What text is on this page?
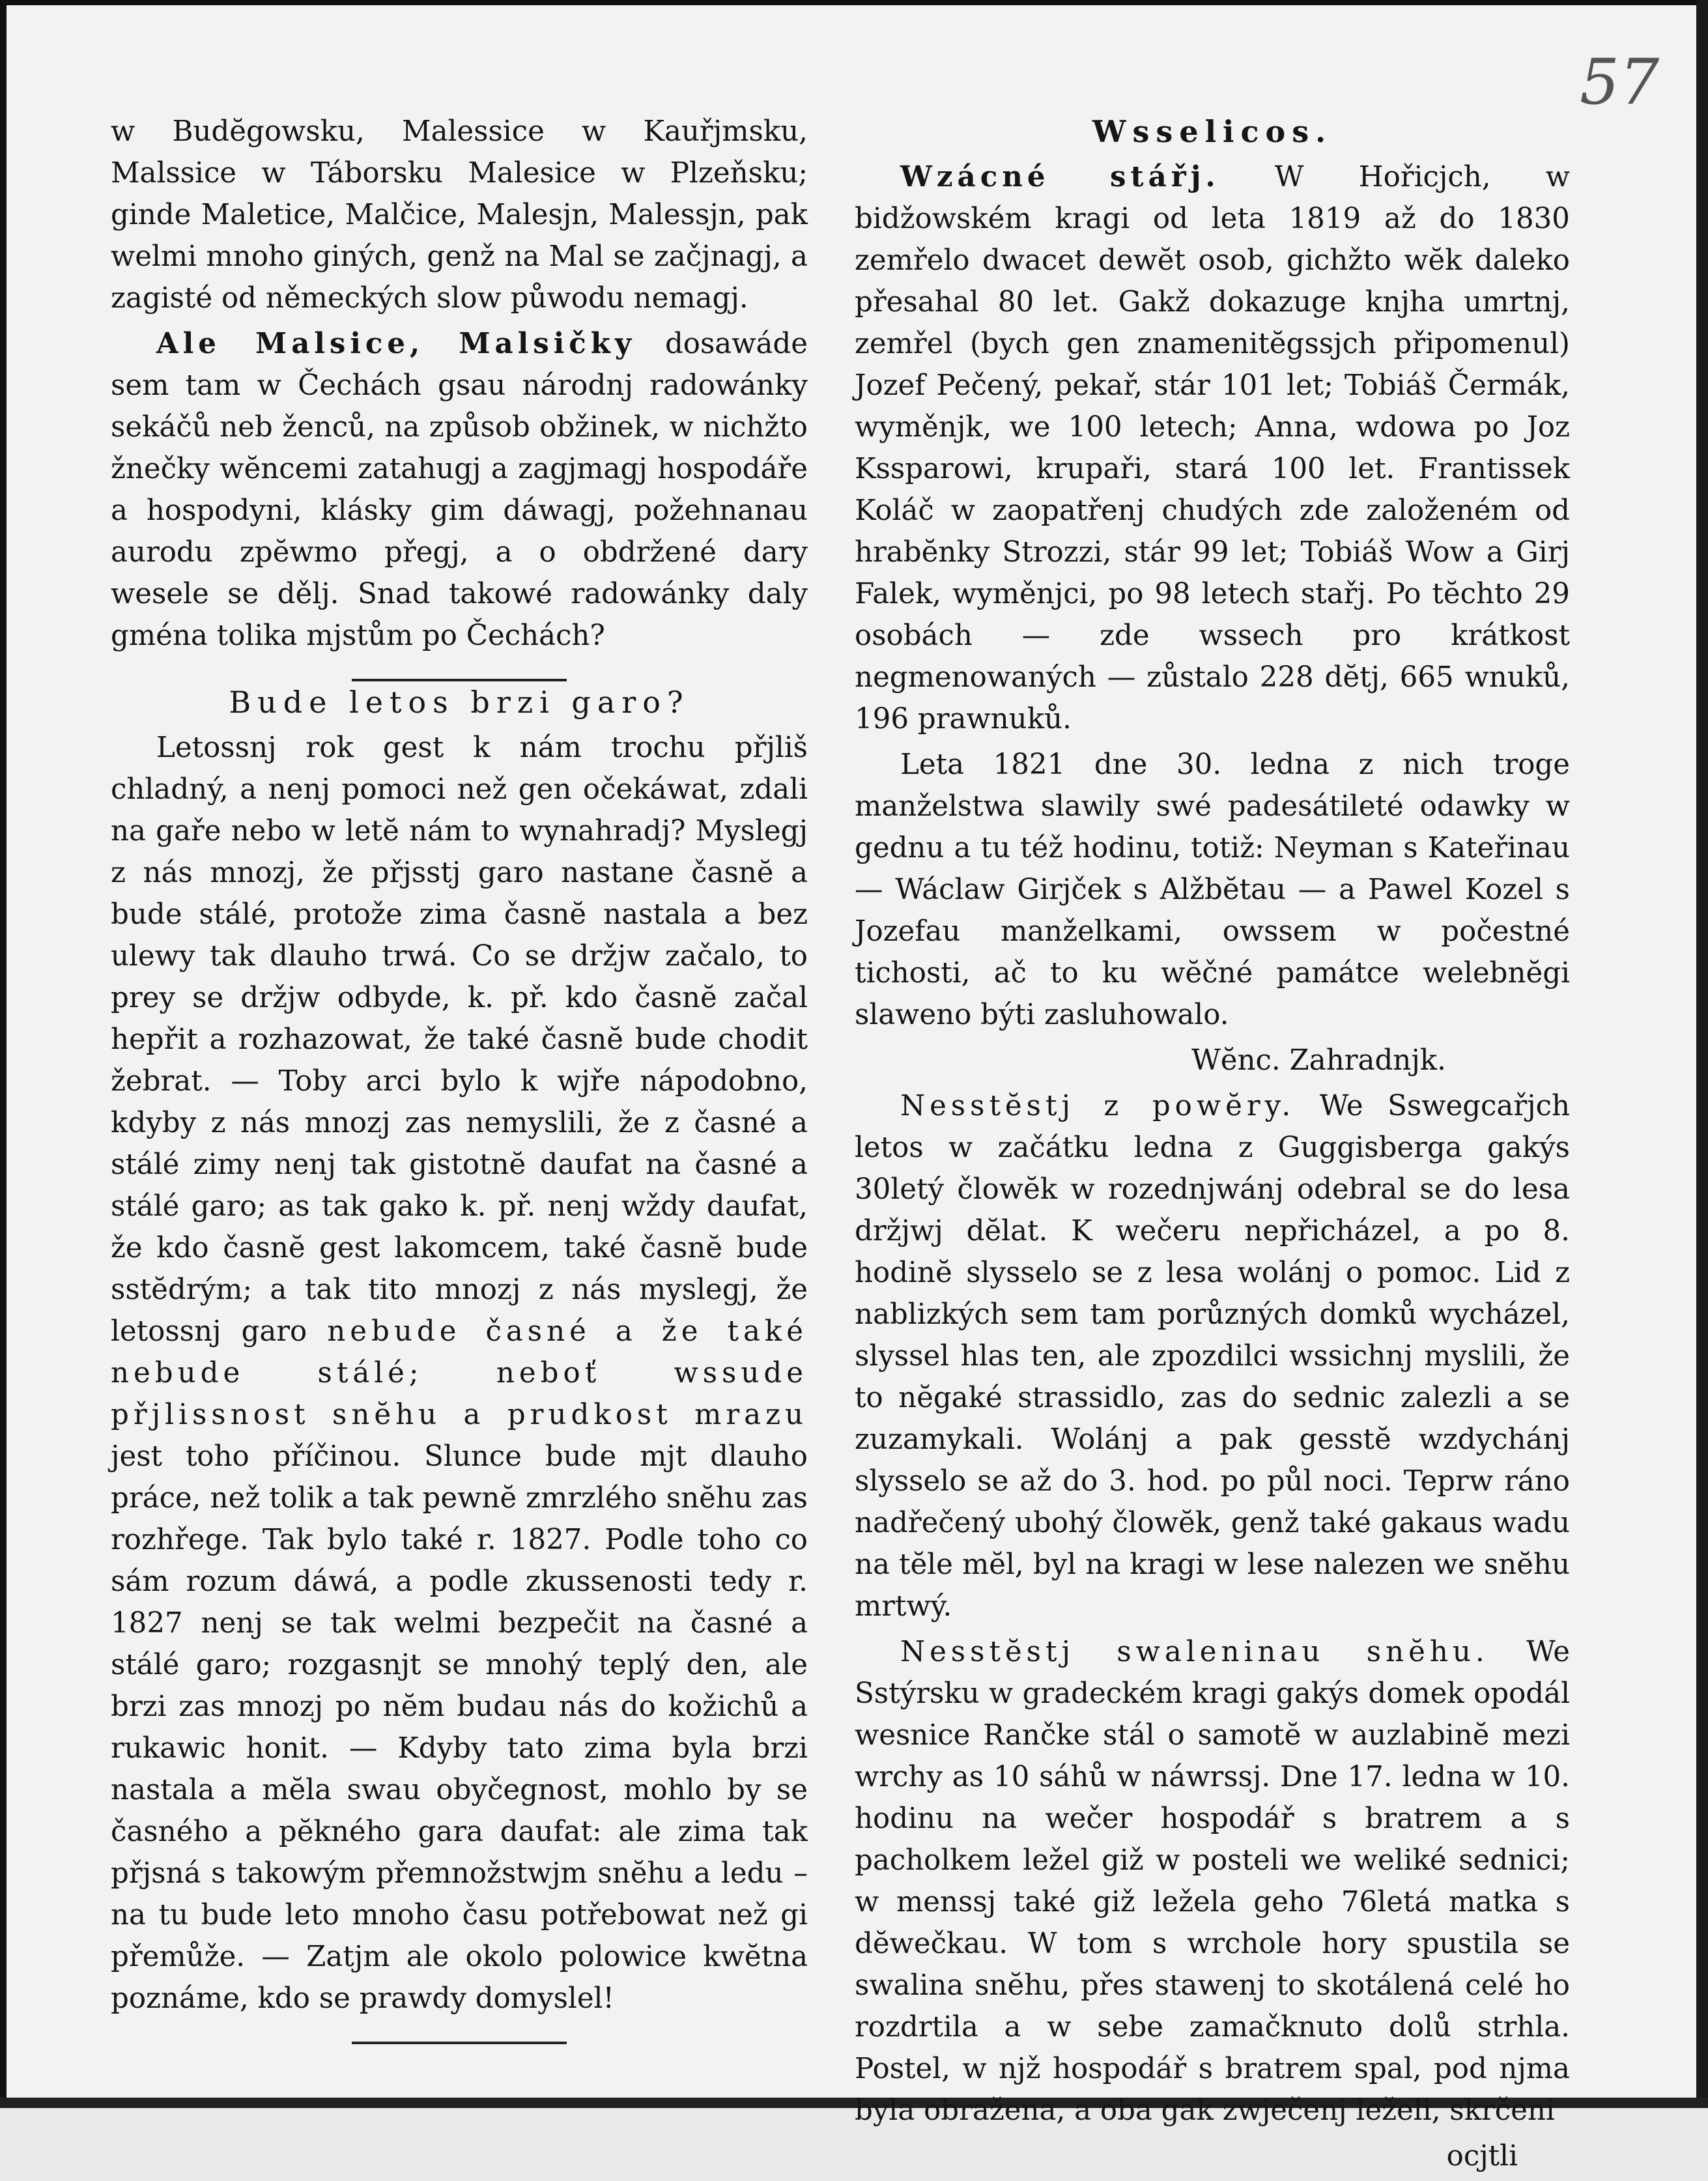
57

w Budĕgowsku, Malessice w Kauřjmsku, Malssice w Táborsku Malesice w Plzeňsku; ginde Maletice, Malčice, Malesjn, Malessjn, pak welmi mnoho giných, genž na Mal se začjnagj, a zagisté od německých slow půwodu nemagj.

Ale Malsice, Malsičky dosawáde sem tam w Čechách gsau nárοdnj radowánky sekáčů neb ženců, na způsob obžinek, w nichžto žnečky wĕncemi zatahugj a zagjmagj hospodáře a hospodyni, klásky gim dáwagj, požehnanau aurodu zpĕwmo přegj, a o obdržené dary wesele se dělj. Snad takowé radowánky daly gména tolika mjstům po Čechách?

Bude letos brzi garo?

Letossnj rok gest k nám trochu přjliš chladný, a nenj pomoci než gen očekáwat, zdali na gaře nebo w letĕ nám to wynahradj? Myslegj z nás mnozj, že přjsstj garo nastane časnĕ a bude stálé, protože zima časnĕ nastala a bez ulewy tak dlauho trwá. Co se držjw začalo, to prey se držjw odbyde, k. př. kdo časnĕ začal hepřit a rozhazowat, že také časnĕ bude chodit žebrat. — Toby arci bylo k wjře nápodobno, kdyby z nás mnozj zas nemyslili, že z časné a stálé zimy nenj tak gistotnĕ daufat na časné a stálé garo; as tak gako k. př. nenj wždy daufat, že kdo časnĕ gest lakomcem, také časnĕ bude sstĕdrým; a tak tito mnozj z nás myslegj, že letossnj garo nebude časné a že také nebude stálé; neboť wssude přjlissnost snĕhu a prudkost mrazu jest toho příčinou. Slunce bude mjt dlauho práce, než tolik a tak pewnĕ zmrzlého snĕhu zas rozhřege. Tak bylo také r. 1827. Podle toho co sám rozum dáwá, a podle zkussenosti tedy r. 1827 nenj se tak welmi bezpečit na časné a stálé garo; rozgasnjt se mnohý teplý den, ale brzi zas mnozj po nĕm budau nás do kožichů a rukawic honit. — Kdyby tato zima byla brzi nastala a mĕla swau obyčegnost, mohlo by se časného a pĕkného gara daufat: ale zima tak přjsná s takowým přemnožstwjm snĕhu a ledu – na tu bude leto mnoho času potřebowat než gi přemůže. — Zatjm ale okolo polowice kwĕtna poznáme, kdo se prawdy domyslel!

Wsselicos.

Wzácné stářj. W Hořicjch, w bidžowském kragi od leta 1819 až do 1830 zemřelo dwacet dewĕt osob, gichžto wĕk daleko přesahal 80 let. Gakž dokazuge knjha umrtnj, zemřel (bych gen znamenitĕgssjch připomenul) Jozef Pečený, pekař, stár 101 let; Tobiáš Čermák, wyměnjk, we 100 letech; Anna, wdowa po Joz Kssparowi, krupaři, stará 100 let. Frantissek Koláč w zaopatřenj chudých zde založeném od hrabĕnky Strozzi, stár 99 let; Tobiáš Wow a Girj Falek, wyměnjci, po 98 letech stařj. Po tĕchto 29 osobách — zde wssech pro krátkost negmenowaných — zůstalo 228 dĕtj, 665 wnuků, 196 prawnuků.

Leta 1821 dne 30. ledna z nich troge manželstwa slawily swé padesátileté odawky w gednu a tu též hodinu, totiž: Neyman s Kateřinau — Wáclaw Girjček s Alžbĕtau — a Pawel Kozel s Jozefau manželkami, owssem w počestné tichosti, ač to ku wĕčné památce welebnĕgi slaweno býti zasluhowalo.

Wĕnc. Zahradnjk.

Nesstĕstj z powĕry. We Sswegcařjch letos w začátku ledna z Guggisberga gakýs 30letý člowĕk w rozednjwánj odebral se do lesa držjwj dĕlat. K wečeru nepřicházel, a po 8. hodinĕ slysselo se z lesa wolánj o pomoc. Lid z nablizkých sem tam porůzných domků wycházel, slyssel hlas ten, ale zpozdilci wssichnj myslili, že to nĕgaké strassidlo, zas do sednic zalezli a se zuzamykali. Wolánj a pak gesstĕ wzdychánj slysselo se až do 3. hod. po půl noci. Teprw ráno nadřečený ubohý člowĕk, genž také gakaus wadu na tĕle mĕl, byl na kragi w lese nalezen we snĕhu mrtwý.

Nesstĕstj swaleninau snĕhu. We Sstýrsku w gradeckém kragi gakýs domek opodál wesnice Rančke stál o samotĕ w auzlabinĕ mezi wrchy as 10 sáhů w náwrssj. Dne 17. ledna w 10. hodinu na wečer hospodář s bratrem a s pacholkem ležel giž w posteli we weliké sednici; w menssj také giž ležela geho 76letá matka s dĕwečkau. W tom s wrchole hory spustila se swalina snĕhu, přes stawenj to skotálená celé ho rozdrtila a w sebe zamačknuto dolů strhla. Postel, w njž hospodář s bratrem spal, pod njma byla obražena, a oba gak zwječenj leželi, skrčeni

ocjtli
